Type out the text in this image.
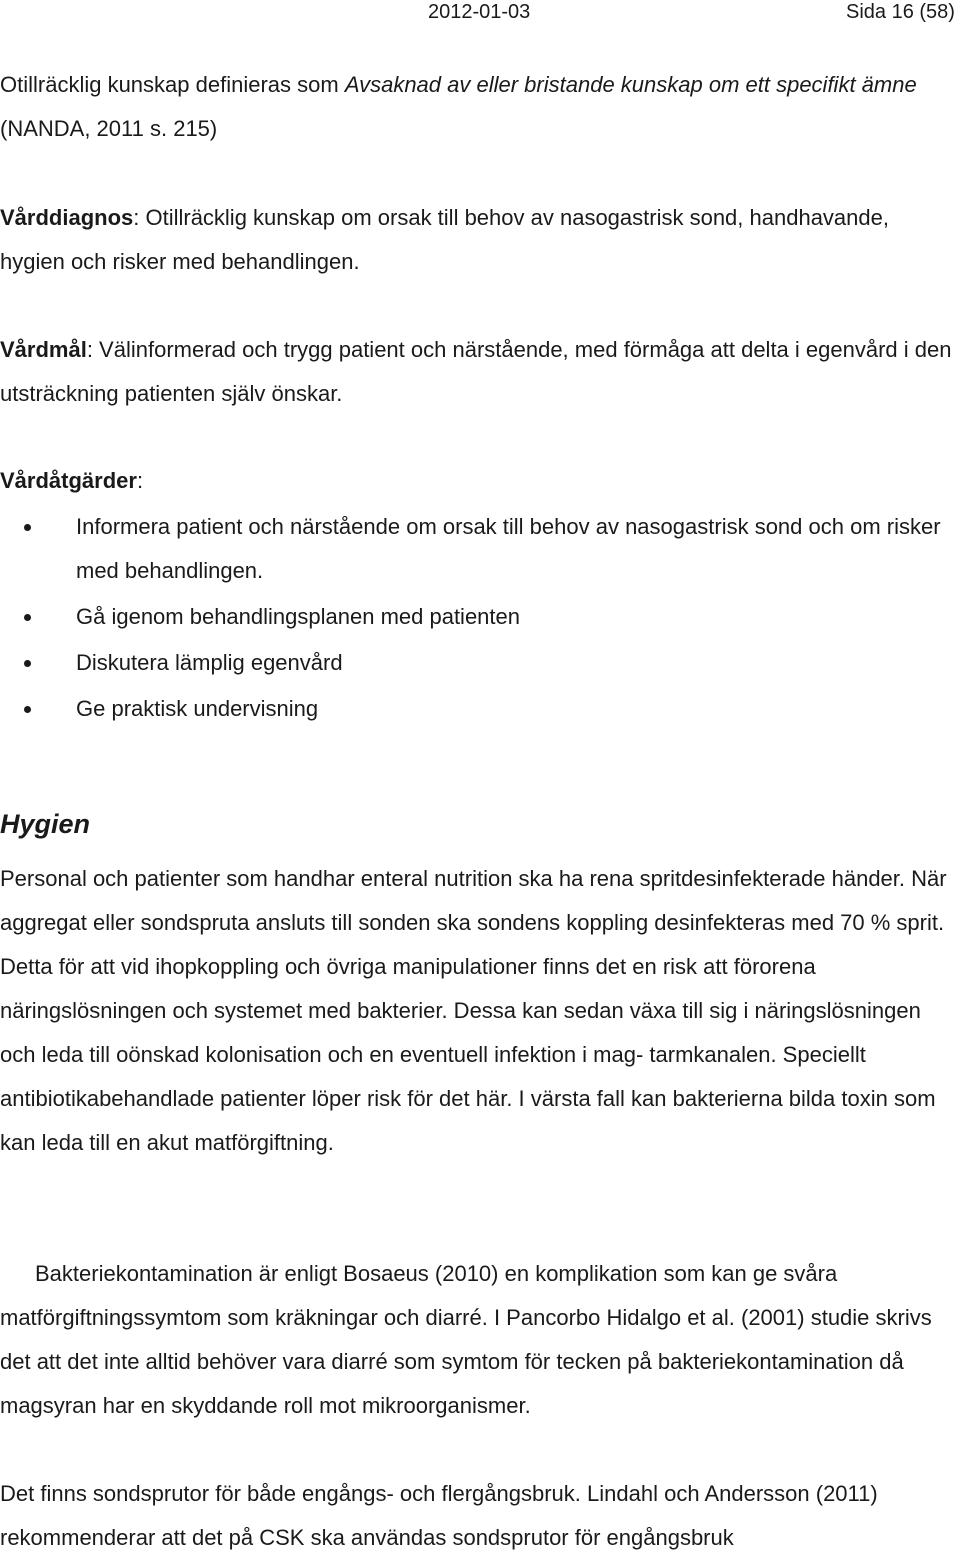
2012-01-03	Sida 16 (58)

Otillräcklig kunskap definieras som Avsaknad av eller bristande kunskap om ett specifikt ämne (NANDA, 2011 s. 215)

Vårddiagnos: Otillräcklig kunskap om orsak till behov av nasogastrisk sond, handhavande, hygien och risker med behandlingen.

Vårdmål: Välinformerad och trygg patient och närstående, med förmåga att delta i egenvård i den utsträckning patienten själv önskar.

Vårdåtgärder:

Informera patient och närstående om orsak till behov av nasogastrisk sond och om risker med behandlingen.
Gå igenom behandlingsplanen med patienten
Diskutera lämplig egenvård
Ge praktisk undervisning
Hygien

Personal och patienter som handhar enteral nutrition ska ha rena spritdesinfekterade händer. När aggregat eller sondspruta ansluts till sonden ska sondens koppling desinfekteras med 70 % sprit. Detta för att vid ihopkoppling och övriga manipulationer finns det en risk att förorena näringslösningen och systemet med bakterier. Dessa kan sedan växa till sig i näringslösningen och leda till oönskad kolonisation och en eventuell infektion i mag- tarmkanalen. Speciellt antibiotikabehandlade patienter löper risk för det här. I värsta fall kan bakterierna bilda toxin som kan leda till en akut matförgiftning.

Bakteriekontamination är enligt Bosaeus (2010) en komplikation som kan ge svåra matförgiftningssymtom som kräkningar och diarré. I Pancorbo Hidalgo et al. (2001) studie skrivs det att det inte alltid behöver vara diarré som symtom för tecken på bakteriekontamination då magsyran har en skyddande roll mot mikroorganismer.

Det finns sondsprutor för både engångs- och flergångsbruk. Lindahl och Andersson (2011) rekommenderar att det på CSK ska användas sondsprutor för engångsbruk
